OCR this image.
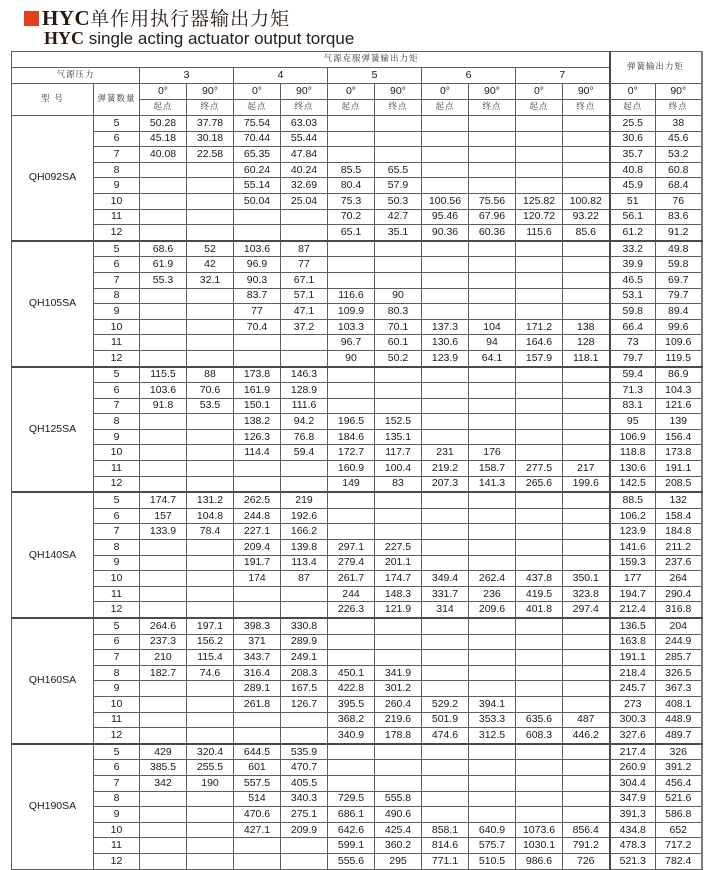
HYC单作用执行器输出力矩
HYC single acting actuator output torque
气源克服弹簧输出力矩												弹簧输出力矩	
气源压力		3		4		5		6		7			
型 号	弹簧数量	0°	90°	0°	90°	0°	90°	0°	90°	0°	90°	0°	90°
		起点	终点	起点	终点	起点	终点	起点	终点	起点	终点	起点	终点
QH092SA	5	50.28	37.78	75.54	63.03							25.5	38
	6	45.18	30.18	70.44	55.44							30.6	45.6
	7	40.08	22.58	65.35	47.84							35.7	53.2
	8			60.24	40.24	85.5	65.5					40.8	60.8
	9			55.14	32.69	80.4	57.9					45.9	68.4
	10			50.04	25.04	75.3	50.3	100.56	75.56	125.82	100.82	51	76
	11					70.2	42.7	95.46	67.96	120.72	93.22	56.1	83.6
	12					65.1	35.1	90.36	60.36	115.6	85.6	61.2	91.2
QH105SA	5	68.6	52	103.6	87							33.2	49.8
	6	61.9	42	96.9	77							39.9	59.8
	7	55.3	32.1	90.3	67.1							46.5	69.7
	8			83.7	57.1	116.6	90					53.1	79.7
	9			77	47.1	109.9	80.3					59.8	89.4
	10			70.4	37.2	103.3	70.1	137.3	104	171.2	138	66.4	99.6
	11					96.7	60.1	130.6	94	164.6	128	73	109.6
	12					90	50.2	123.9	64.1	157.9	118.1	79.7	119.5
QH125SA	5	115.5	88	173.8	146.3							59.4	86.9
	6	103.6	70.6	161.9	128.9							71.3	104.3
	7	91.8	53.5	150.1	111.6							83.1	121.6
	8			138.2	94.2	196.5	152.5					95	139
	9			126.3	76.8	184.6	135.1					106.9	156.4
	10			114.4	59.4	172.7	117.7	231	176			118.8	173.8
	11					160.9	100.4	219.2	158.7	277.5	217	130.6	191.1
	12					149	83	207.3	141.3	265.6	199.6	142.5	208.5
QH140SA	5	174.7	131.2	262.5	219							88.5	132
	6	157	104.8	244.8	192.6							106.2	158.4
	7	133.9	78.4	227.1	166.2							123.9	184.8
	8			209.4	139.8	297.1	227.5					141.6	211.2
	9			191.7	113.4	279.4	201.1					159.3	237.6
	10			174	87	261.7	174.7	349.4	262.4	437.8	350.1	177	264
	11					244	148.3	331.7	236	419.5	323.8	194.7	290.4
	12					226.3	121.9	314	209.6	401.8	297.4	212.4	316.8
QH160SA	5	264.6	197.1	398.3	330.8							136.5	204
	6	237.3	156.2	371	289.9							163.8	244.9
	7	210	115.4	343.7	249.1							191.1	285.7
	8	182.7	74.6	316.4	208.3	450.1	341.9					218.4	326.5
	9			289.1	167.5	422.8	301.2					245.7	367.3
	10			261.8	126.7	395.5	260.4	529.2	394.1			273	408.1
	11					368.2	219.6	501.9	353.3	635.6	487	300.3	448.9
	12					340.9	178.8	474.6	312.5	608.3	446.2	327.6	489.7
QH190SA	5	429	320.4	644.5	535.9							217.4	326
	6	385.5	255.5	601	470.7							260.9	391.2
	7	342	190	557.5	405.5							304.4	456.4
	8			514	340.3	729.5	555.8					347.9	521.6
	9			470.6	275.1	686.1	490.6					391.3	586.8
	10			427.1	209.9	642.6	425.4	858.1	640.9	1073.6	856.4	434.8	652
	11					599.1	360.2	814.6	575.7	1030.1	791.2	478.3	717.2
	12					555.6	295	771.1	510.5	986.6	726	521.3	782.4
